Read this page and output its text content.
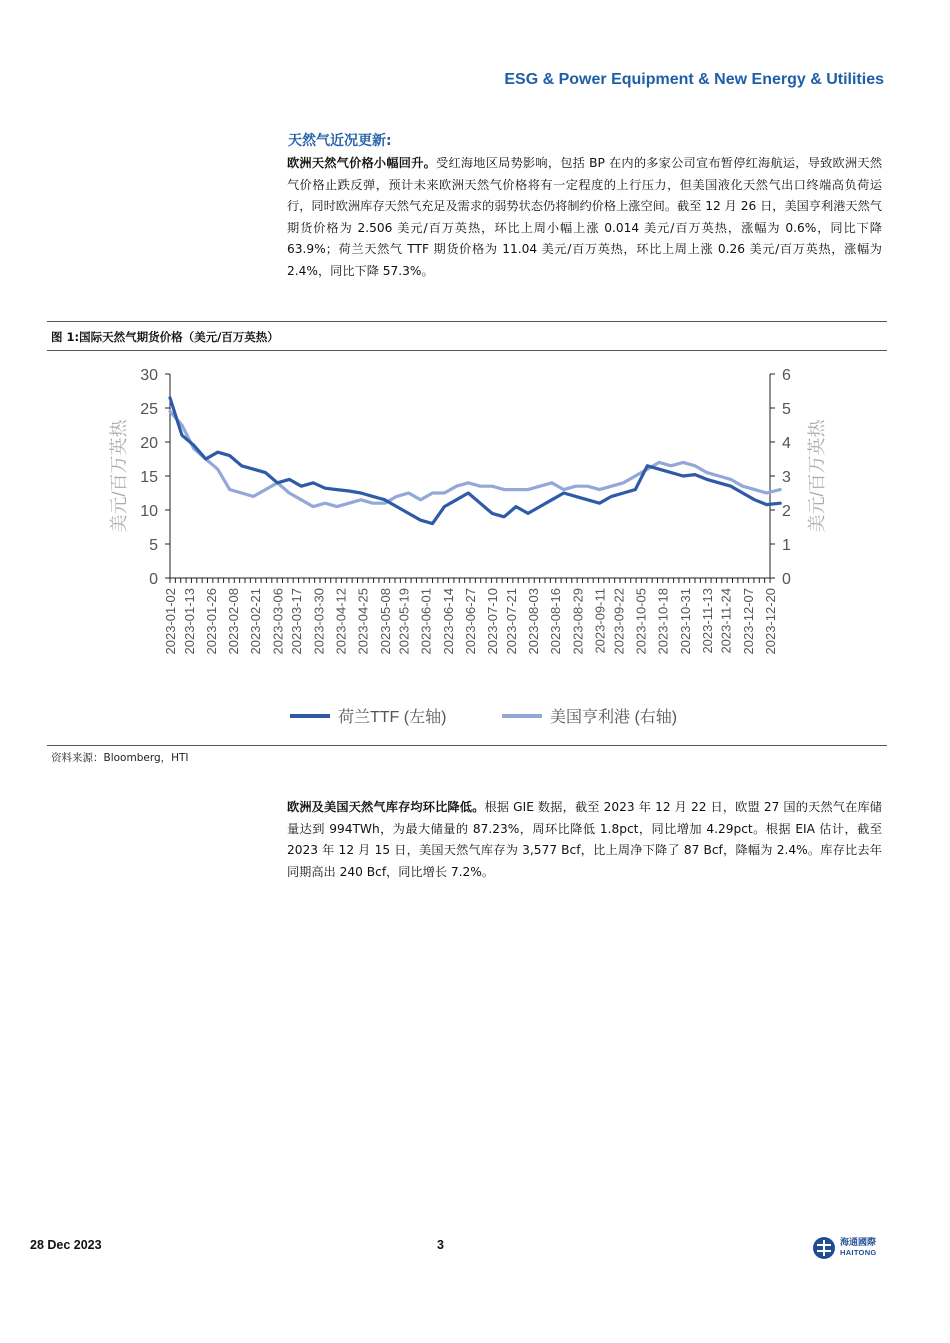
ESG & Power Equipment & New Energy & Utilities
天然气近况更新:
欧洲天然气价格小幅回升。受红海地区局势影响，包括 BP 在内的多家公司宣布暂停红海航运，导致欧洲天然气价格止跌反弹，预计未来欧洲天然气价格将有一定程度的上行压力，但美国液化天然气出口终端高负荷运行，同时欧洲库存天然气充足及需求的弱势状态仍将制约价格上涨空间。截至 12 月 26 日，美国亨利港天然气期货价格为 2.506 美元/百万英热，环比上周小幅上涨 0.014 美元/百万英热，涨幅为 0.6%，同比下降 63.9%；荷兰天然气 TTF 期货价格为 11.04 美元/百万英热，环比上周上涨 0.26 美元/百万英热，涨幅为 2.4%，同比下降 57.3%。
图 1:国际天然气期货价格（美元/百万英热）
0
5
10
15
20
25
30
0
1
2
3
4
5
6
2023-01-02 2023-01-13 2023-01-26 2023-02-08 2023-02-21 2023-03-06 2023-03-17 2023-03-30 2023-04-12 2023-04-25 2023-05-08 2023-05-19 2023-06-01 2023-06-14 2023-06-27 2023-07-10 2023-07-21 2023-08-03 2023-08-16 2023-08-29 2023-09-11 2023-09-22 2023-10-05 2023-10-18 2023-10-31 2023-11-13 2023-11-24 2023-12-07 2023-12-20
美元/百万英热	美元/百万英热
荷兰TTF (左轴)	美国亨利港 (右轴)
资料来源：Bloomberg，HTI
欧洲及美国天然气库存均环比降低。根据 GIE 数据，截至 2023 年 12 月 22 日，欧盟 27 国的天然气在库储量达到 994TWh，为最大储量的 87.23%，周环比降低 1.8pct，同比增加 4.29pct。根据 EIA 估计，截至 2023 年 12 月 15 日，美国天然气库存为 3,577 Bcf，比上周净下降了 87 Bcf，降幅为 2.4%。库存比去年同期高出 240 Bcf，同比增长 7.2%。
28 Dec 2023	3	海通國際
HAITONG
